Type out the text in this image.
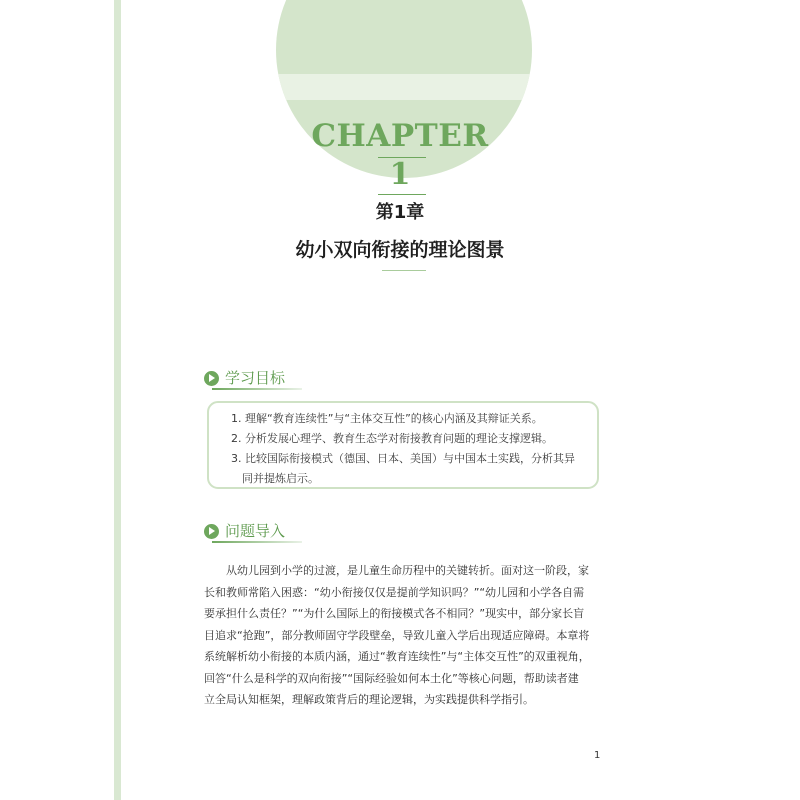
CHAPTER
1
第1章
幼小双向衔接的理论图景
学习目标
1. 理解“教育连续性”与“主体交互性”的核心内涵及其辩证关系。
2. 分析发展心理学、教育生态学对衔接教育问题的理论支撑逻辑。
3. 比较国际衔接模式（德国、日本、美国）与中国本土实践，分析其异
同并提炼启示。
问题导入
从幼儿园到小学的过渡，是儿童生命历程中的关键转折。面对这一阶段，家
长和教师常陷入困惑：“幼小衔接仅仅是提前学知识吗？”“幼儿园和小学各自需
要承担什么责任？”“为什么国际上的衔接模式各不相同？”现实中，部分家长盲
目追求“抢跑”，部分教师固守学段壁垒，导致儿童入学后出现适应障碍。本章将
系统解析幼小衔接的本质内涵，通过“教育连续性”与“主体交互性”的双重视角，
回答“什么是科学的双向衔接”“国际经验如何本土化”等核心问题，帮助读者建
立全局认知框架，理解政策背后的理论逻辑，为实践提供科学指引。
1
